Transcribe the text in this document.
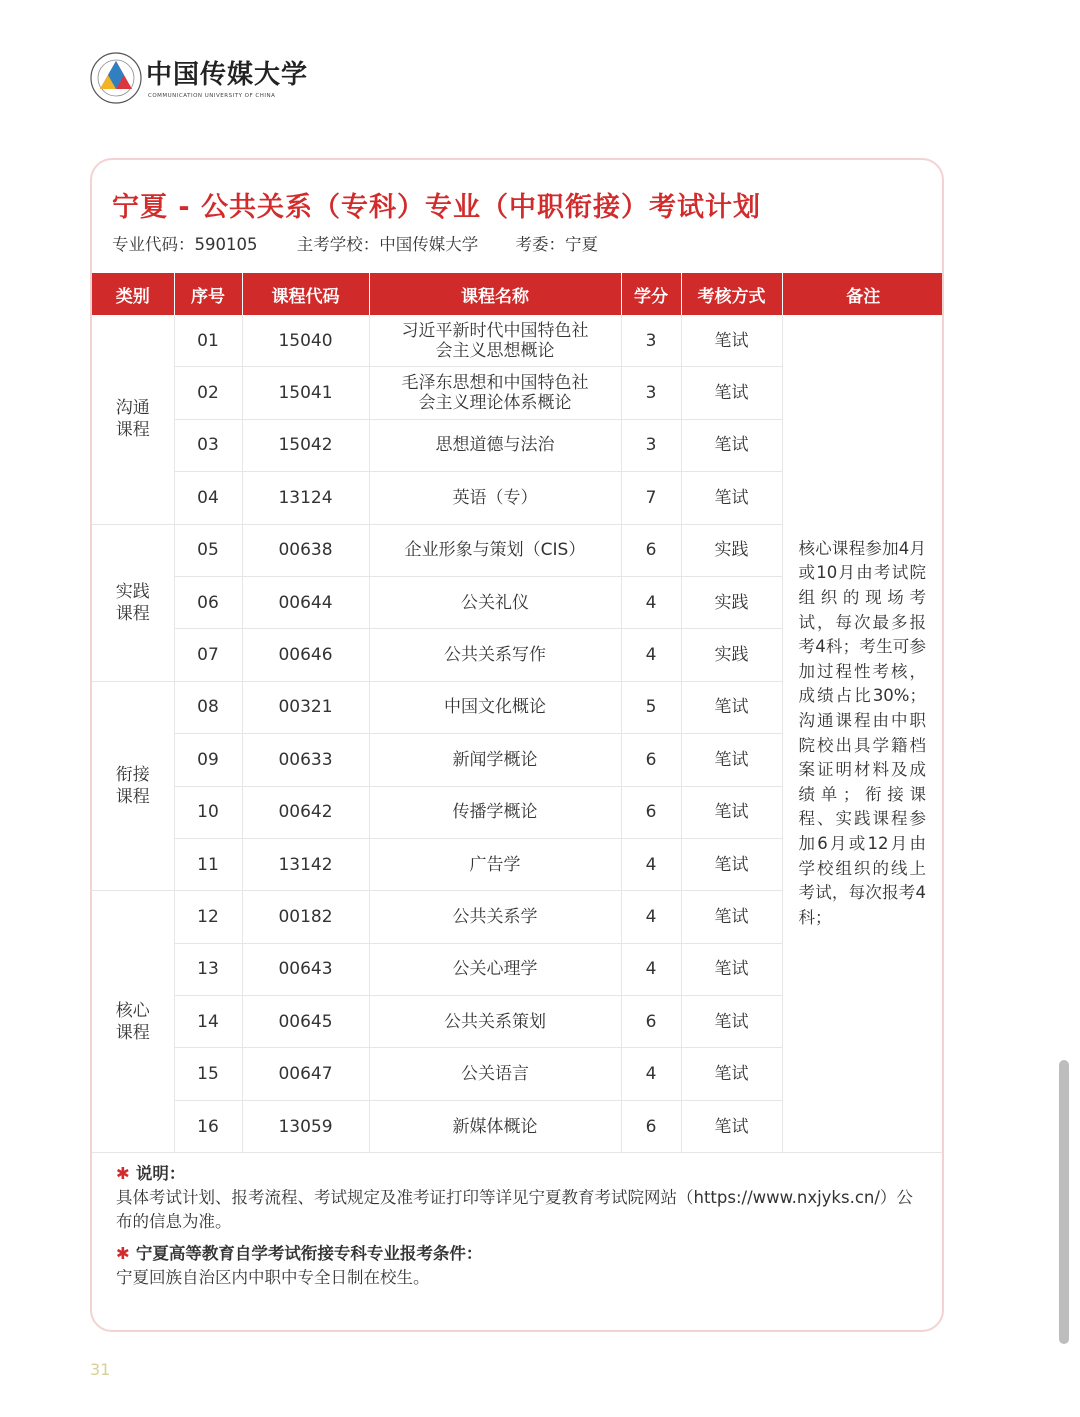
中国传媒大学
COMMUNICATION UNIVERSITY OF CHINA
宁夏 - 公共关系（专科）专业（中职衔接）考试计划
专业代码：590105 主考学校：中国传媒大学 考委：宁夏
类别	序号	课程代码	课程名称	学分	考核方式	备注
沟通课程	01	15040	习近平新时代中国特色社会主义思想概论	3	笔试	核心课程参加4月或10月由考试院组织的现场考试，每次最多报考4科；考生可参加过程性考核，成绩占比30%；沟通课程由中职院校出具学籍档案证明材料及成绩单；衔接课程、实践课程参加6月或12月由学校组织的线上考试，每次报考4科；
	02	15041	毛泽东思想和中国特色社会主义理论体系概论	3	笔试	
	03	15042	思想道德与法治	3	笔试	
	04	13124	英语（专）	7	笔试	
实践课程	05	00638	企业形象与策划（CIS）	6	实践	
	06	00644	公关礼仪	4	实践	
	07	00646	公共关系写作	4	实践	
衔接课程	08	00321	中国文化概论	5	笔试	
	09	00633	新闻学概论	6	笔试	
	10	00642	传播学概论	6	笔试	
	11	13142	广告学	4	笔试	
核心课程	12	00182	公共关系学	4	笔试	
	13	00643	公关心理学	4	笔试	
	14	00645	公共关系策划	6	笔试	
	15	00647	公关语言	4	笔试	
	16	13059	新媒体概论	6	笔试	
✱ 说明：
具体考试计划、报考流程、考试规定及准考证打印等详见宁夏教育考试院网站（https://www.nxjyks.cn/）公布的信息为准。
✱ 宁夏高等教育自学考试衔接专科专业报考条件：
宁夏回族自治区内中职中专全日制在校生。
31
